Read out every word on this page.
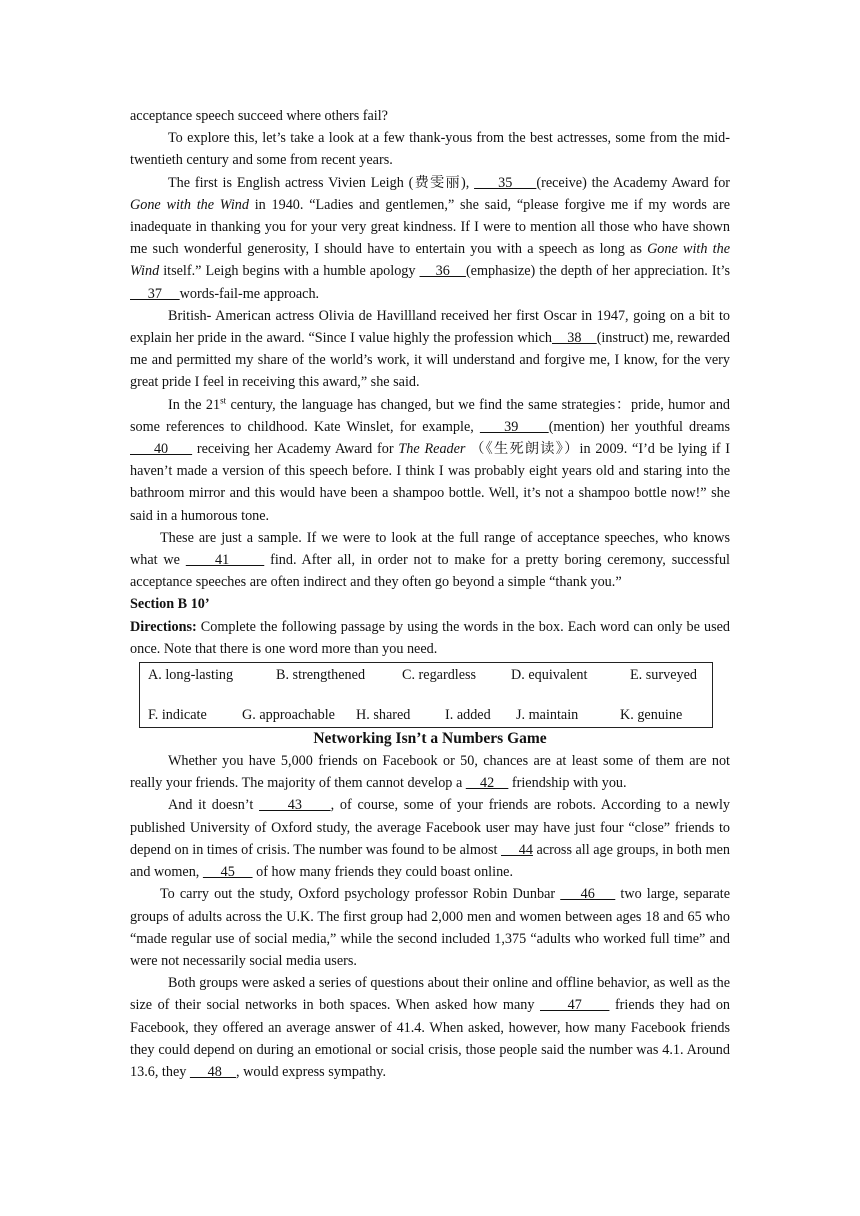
acceptance speech succeed where others fail?

To explore this, let’s take a look at a few thank-yous from the best actresses, some from the mid-twentieth century and some from recent years.

The first is English actress Vivien Leigh (费雯丽),      35     (receive) the Academy Award for Gone with the Wind in 1940. “Ladies and gentlemen,” she said, “please forgive me if my words are inadequate in thanking you for your very great kindness. If I were to mention all those who have shown me such wonderful generosity, I should have to entertain you with a speech as long as Gone with the Wind itself.” Leigh begins with a humble apology     36    (emphasize) the depth of her appreciation. It’s     37     words-fail-me approach.

British- American actress Olivia de Havillland received her first Oscar in 1947, going on a bit to explain her pride in the award. “Since I value highly the profession which    38    (instruct) me, rewarded me and permitted my share of the world’s work, it will understand and forgive me, I know, for the very great pride I feel in receiving this award,” she said.

In the 21st century, the language has changed, but we find the same strategies：pride, humor and some references to childhood. Kate Winslet, for example,     39     (mention) her youthful dreams      40      receiving her Academy Award for The Reader （《生死朗读》）in 2009. “I’d be lying if I haven’t made a version of this speech before. I think I was probably eight years old and staring into the bathroom mirror and this would have been a shampoo bottle. Well, it’s not a shampoo bottle now!” she said in a humorous tone.

These are just a sample. If we were to look at the full range of acceptance speeches, who knows what we      41       find. After all, in order not to make for a pretty boring ceremony, successful acceptance speeches are often indirect and they often go beyond a simple “thank you.”

Section B 10’

Directions: Complete the following passage by using the words in the box. Each word can only be used once. Note that there is one word more than you need.

A. long-lasting	B. strengthened	C. regardless D. equivalent	E. surveyed
F. indicate G. approachable H. shared I. added J. maintain	K. genuine

Networking Isn’t a Numbers Game

Whether you have 5,000 friends on Facebook or 50, chances are at least some of them are not really your friends. The majority of them cannot develop a     42     friendship with you.

And it doesn’t      43     , of course, some of your friends are robots. According to a newly published University of Oxford study, the average Facebook user may have just four “close” friends to depend on in times of crisis. The number was found to be almost      44 across all age groups, in both men and women,      45      of how many friends they could boast online.

To carry out the study, Oxford psychology professor Robin Dunbar     46     two large, separate groups of adults across the U.K. The first group had 2,000 men and women between ages 18 and 65 who “made regular use of social media,” while the second included 1,375 “adults who worked full time” and were not necessarily social media users.

Both groups were asked a series of questions about their online and offline behavior, as well as the size of their social networks in both spaces. When asked how many      47      friends they had on Facebook, they offered an average answer of 41.4. When asked, however, how many Facebook friends they could depend on during an emotional or social crisis, those people said the number was 4.1. Around 13.6, they      48    , would express sympathy.
